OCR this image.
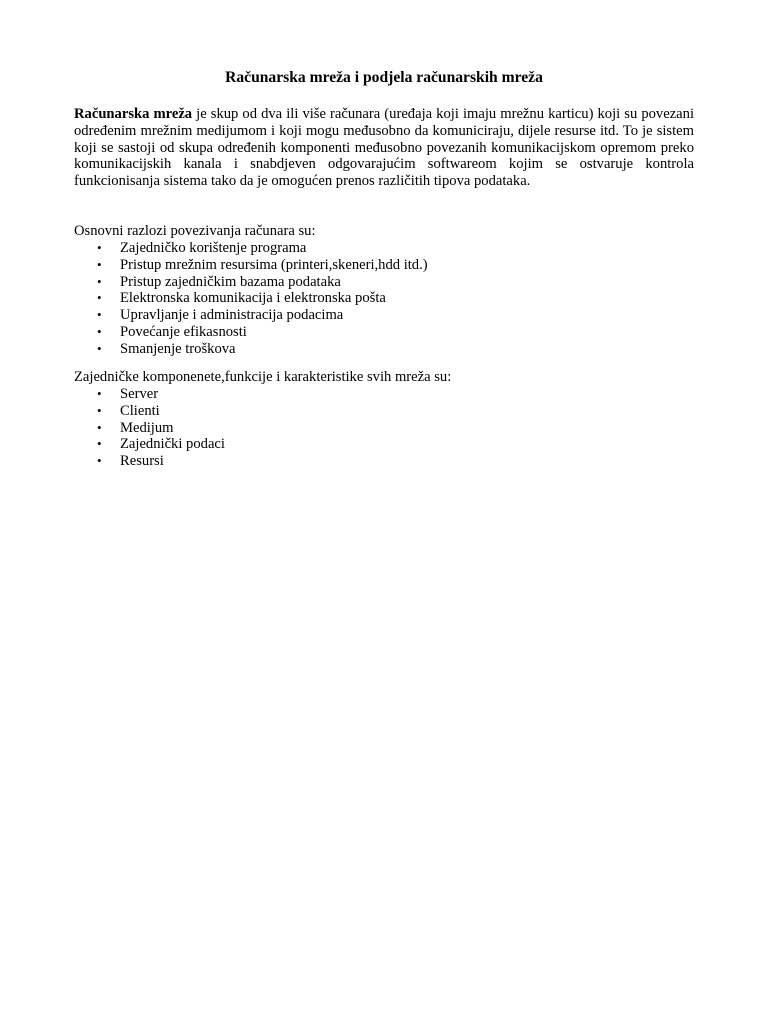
Računarska mreža i podjela računarskih mreža

Računarska mreža je skup od dva ili više računara (uređaja koji imaju mrežnu karticu) koji su povezani određenim mrežnim medijumom i koji mogu međusobno da komuniciraju, dijele resurse itd. To je sistem koji se sastoji od skupa određenih komponenti međusobno povezanih komunikacijskom opremom preko komunikacijskih kanala i snabdjeven odgovarajućim softwareom kojim se ostvaruje kontrola funkcionisanja sistema tako da je omogućen prenos različitih tipova podataka.

Osnovni razlozi povezivanja računara su:

• Zajedničko korištenje programa
• Pristup mrežnim resursima (printeri,skeneri,hdd itd.)
• Pristup zajedničkim bazama podataka
• Elektronska komunikacija i elektronska pošta
• Upravljanje i administracija podacima
• Povećanje efikasnosti
• Smanjenje troškova

Zajedničke komponenete,funkcije i karakteristike svih mreža su:

• Server
• Clienti
• Medijum
• Zajednički podaci
• Resursi
